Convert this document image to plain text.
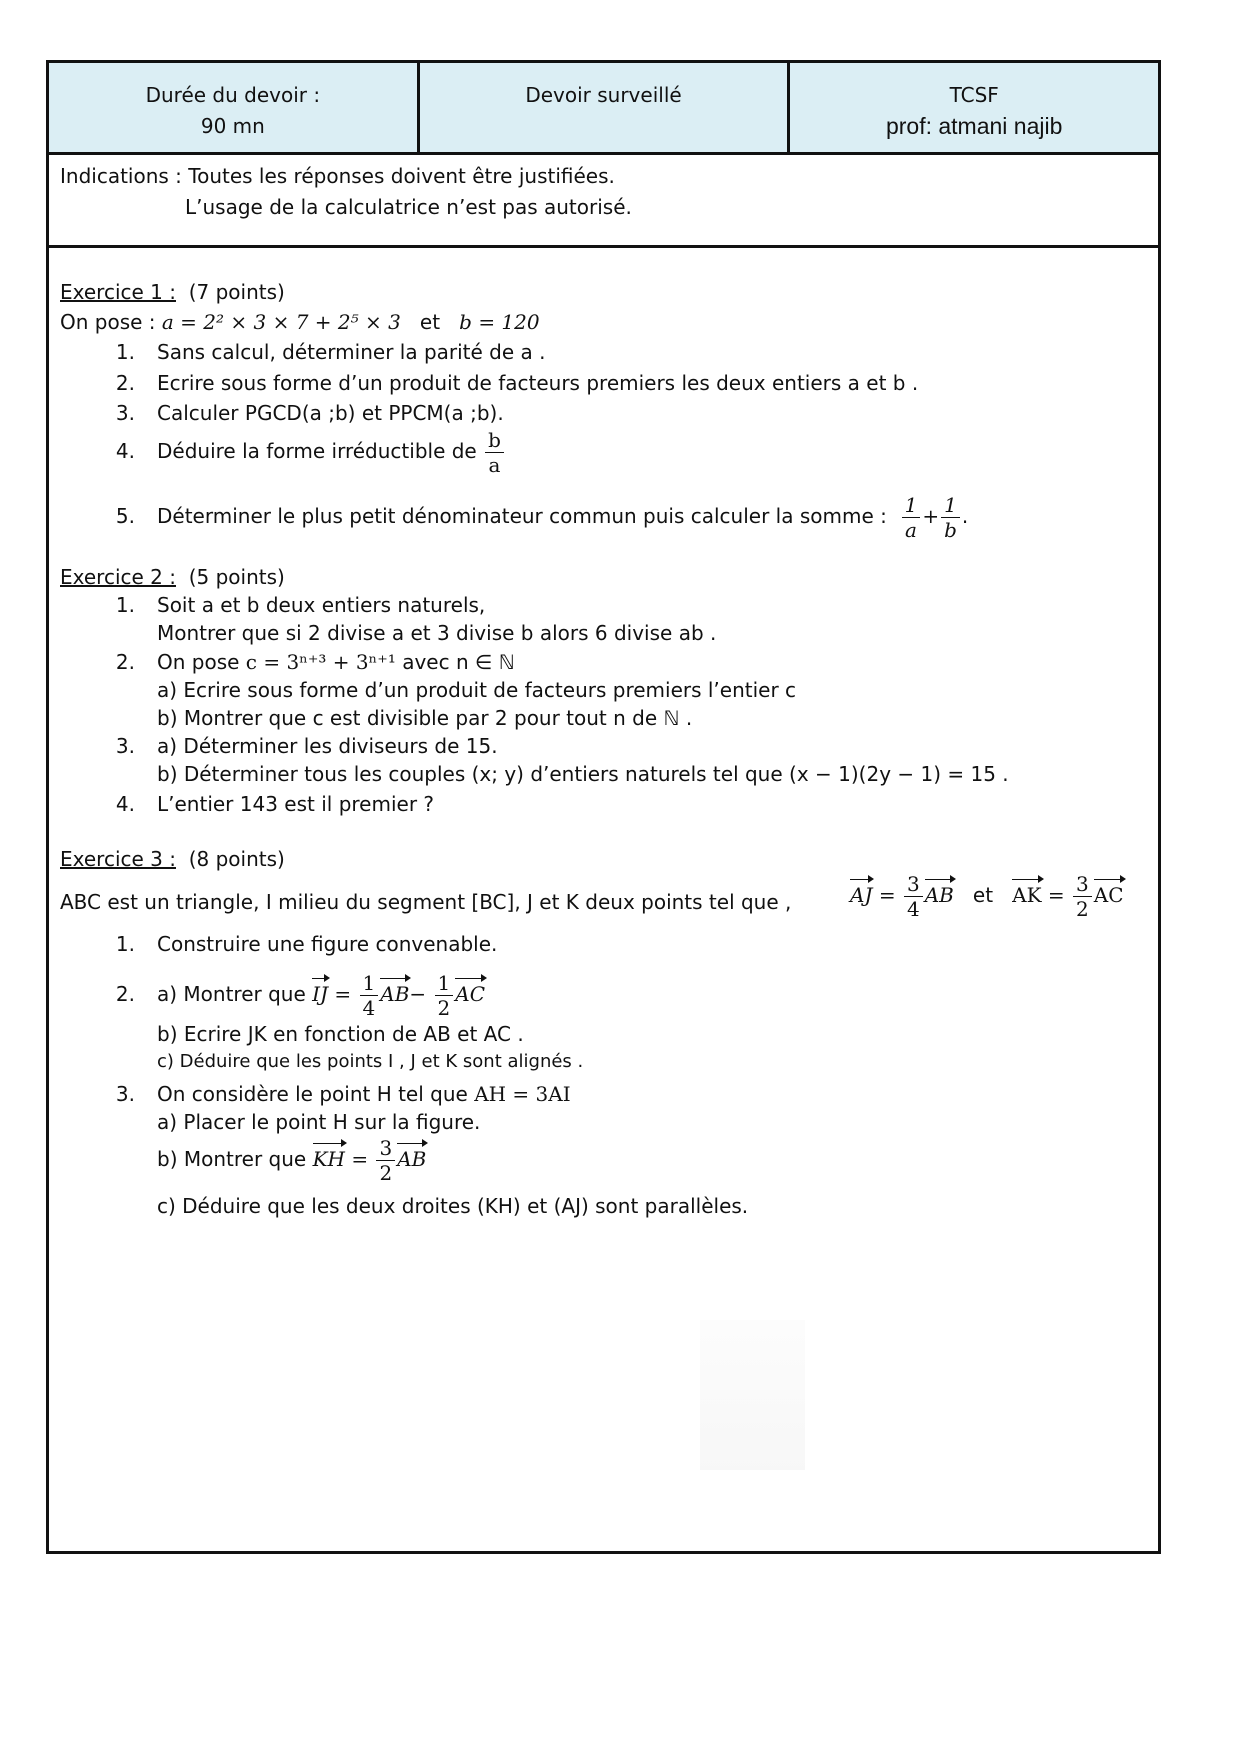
Durée du devoir :
90 mn
Devoir surveillé	TCSF
prof: atmani najib
Indications : Toutes les réponses doivent être justifiées.
L’usage de la calculatrice n’est pas autorisé.
Exercice 1 : (7 points)
On pose : a = 2² × 3 × 7 + 2⁵ × 3 et b = 120
1. Sans calcul, déterminer la parité de a .
2. Ecrire sous forme d’un produit de facteurs premiers les deux entiers a et b .
3. Calculer PGCD(a ;b) et PPCM(a ;b).
4. Déduire la forme irréductible de $\frac{b}{a}$
5. Déterminer le plus petit dénominateur commun puis calculer la somme : $\frac{1}{a} + \frac{1}{b}$ .
Exercice 2 : (5 points)
1. Soit a et b deux entiers naturels,
Montrer que si 2 divise a et 3 divise b alors 6 divise ab .
2. On pose c = 3ⁿ⁺³ + 3ⁿ⁺¹ avec n ∈ ℕ
a) Ecrire sous forme d’un produit de facteurs premiers l’entier c
b) Montrer que c est divisible par 2 pour tout n de ℕ .
3. a) Déterminer les diviseurs de 15.
b) Déterminer tous les couples (x; y) d’entiers naturels tel que (x − 1)(2y − 1) = 15 .
4. L’entier 143 est il premier ?
Exercice 3 : (8 points)
ABC est un triangle, I milieu du segment [BC], J et K deux points tel que ,	AJ = $\frac{3}{4}$ AB et AK = $\frac{3}{2}$ AC
1. Construire une figure convenable.
2. a) Montrer que IJ = $\frac{1}{4} AB- \frac{1}{2}$ AC
b) Ecrire JK en fonction de AB et AC .
c) Déduire que les points I , J et K sont alignés .
3. On considère le point H tel que AH = 3AI
a) Placer le point H sur la figure.
b) Montrer que KH = $\frac{3}{2}$ AB
c) Déduire que les deux droites (KH) et (AJ) sont parallèles.
